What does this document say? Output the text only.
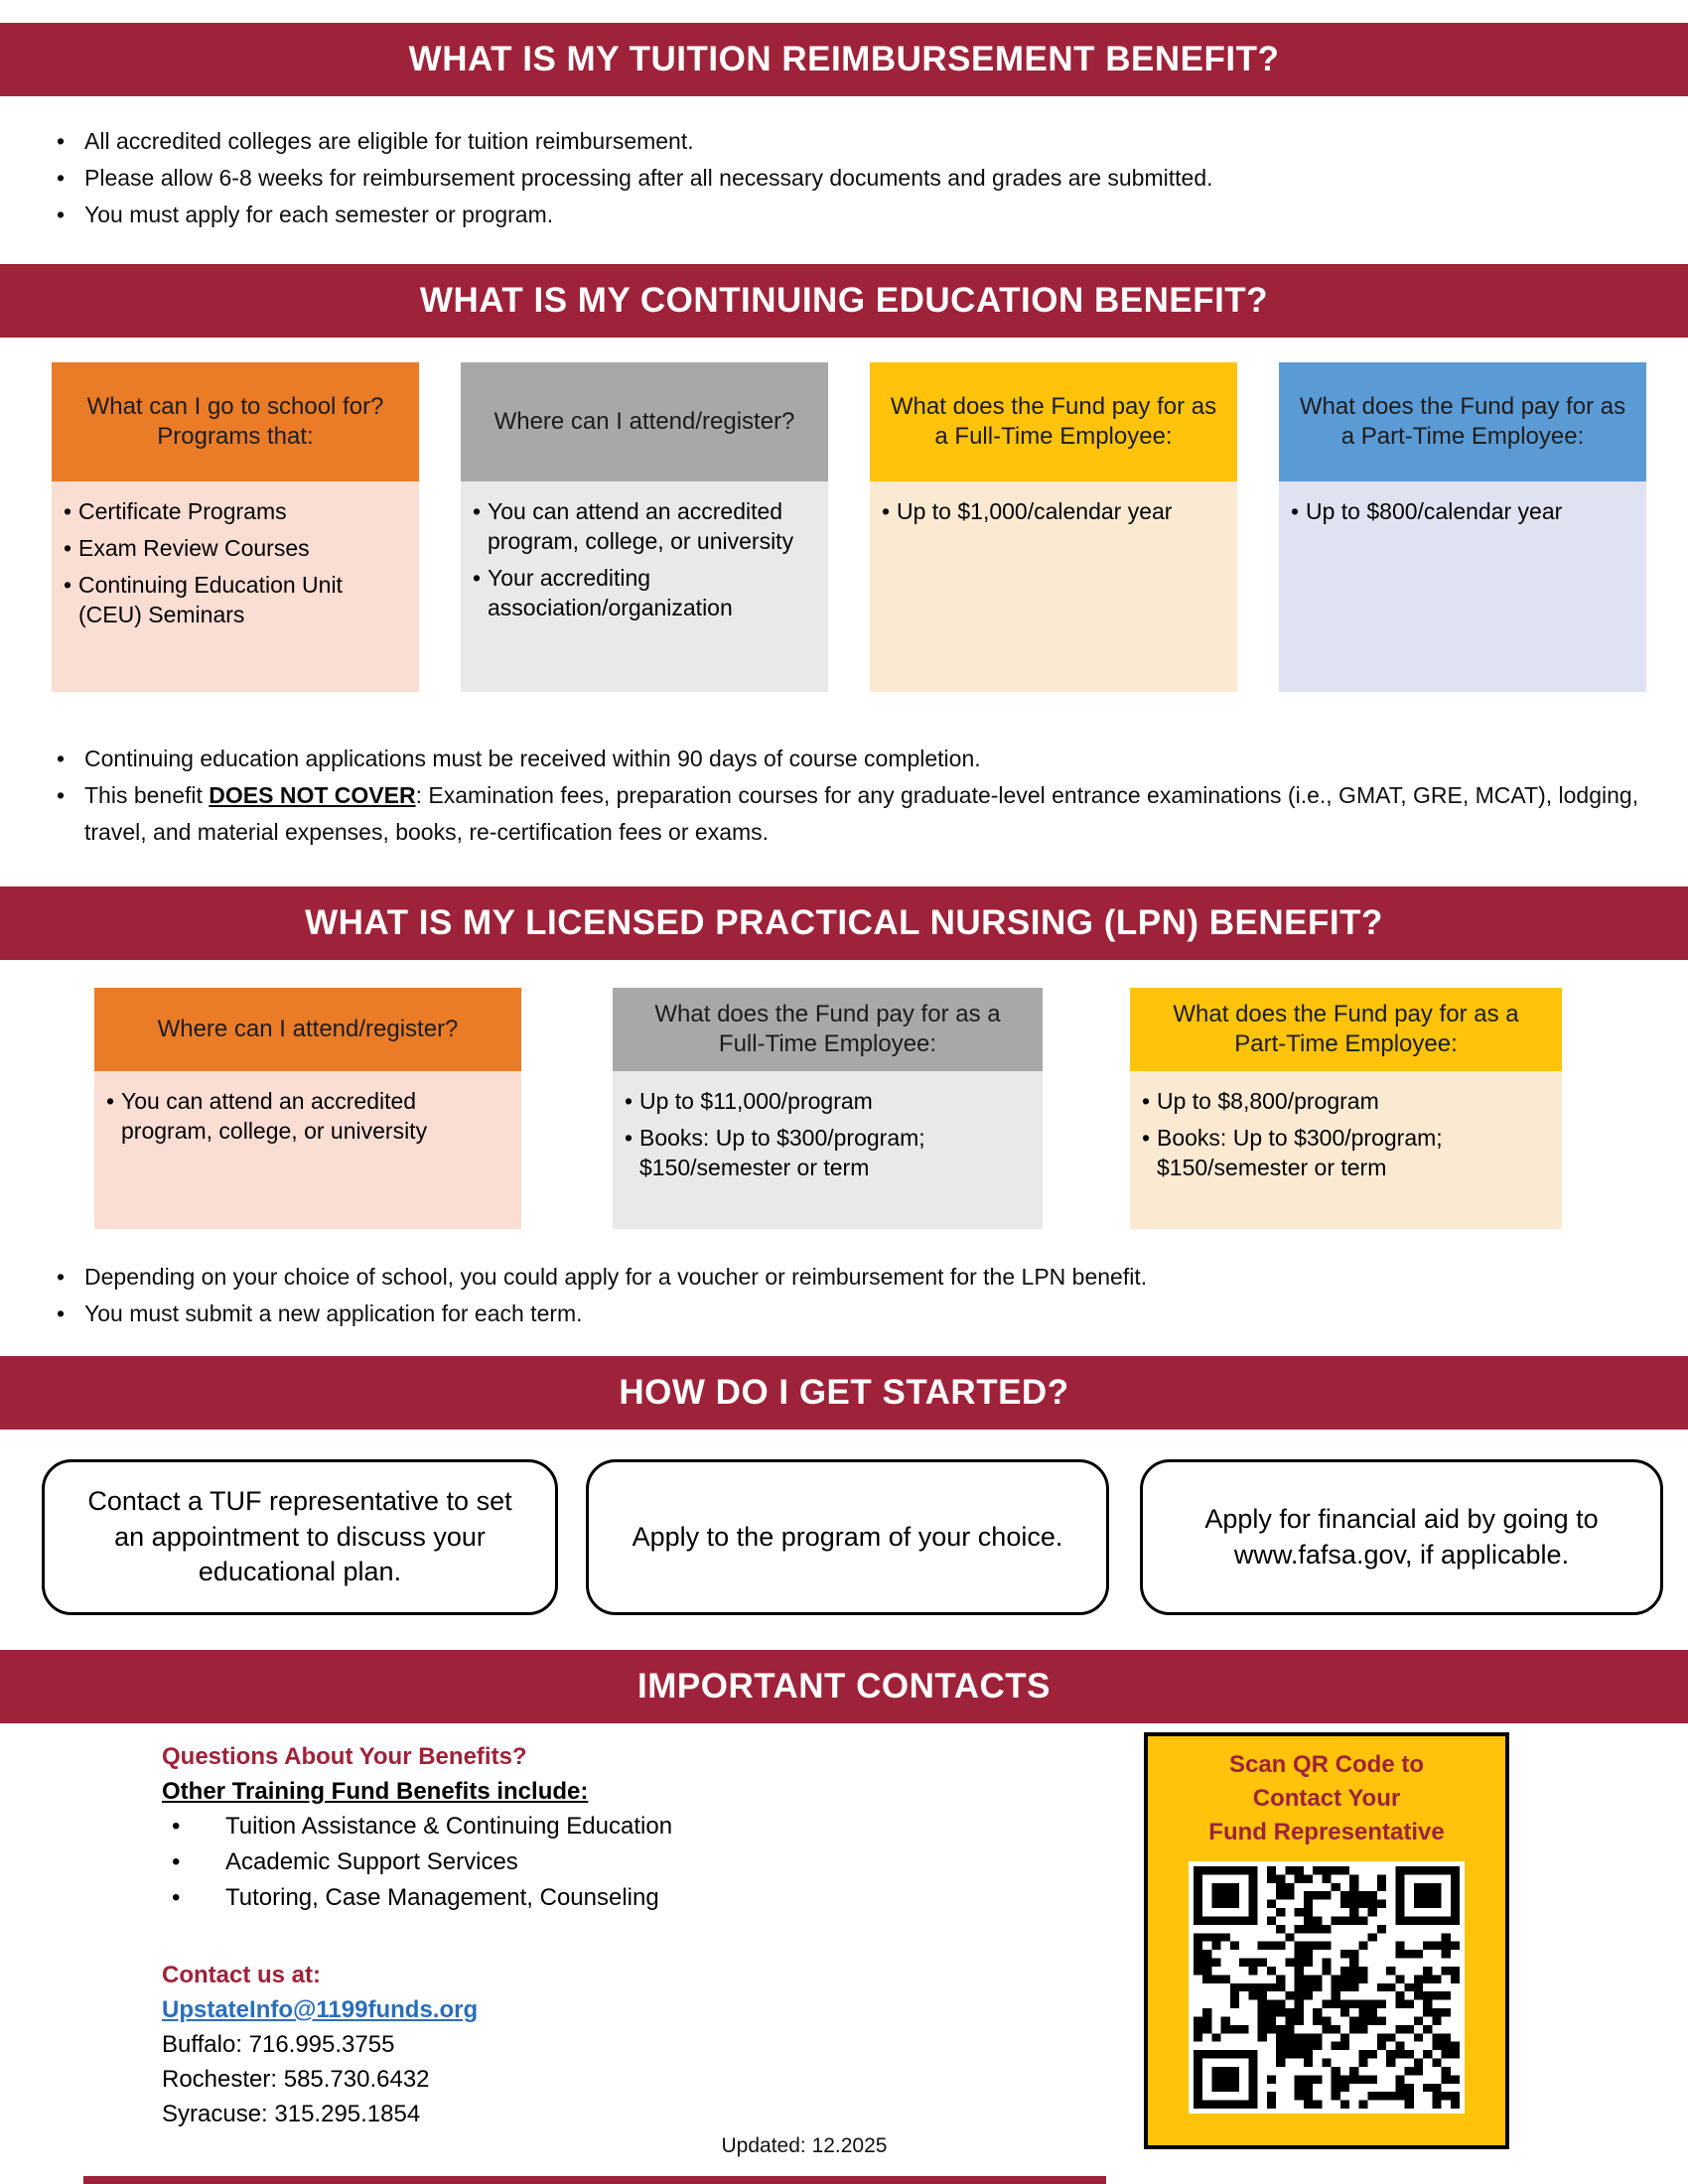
WHAT IS MY TUITION REIMBURSEMENT BENEFIT?
• All accredited colleges are eligible for tuition reimbursement.
• Please allow 6-8 weeks for reimbursement processing after all necessary documents and grades are submitted.
• You must apply for each semester or program.
WHAT IS MY CONTINUING EDUCATION BENEFIT?
What can I go to school for? Programs that:
• Certificate Programs
• Exam Review Courses
• Continuing Education Unit (CEU) Seminars
Where can I attend/register?
• You can attend an accredited program, college, or university
• Your accrediting association/organization
What does the Fund pay for as a Full-Time Employee:
• Up to $1,000/calendar year
What does the Fund pay for as a Part-Time Employee:
• Up to $800/calendar year
• Continuing education applications must be received within 90 days of course completion.
• This benefit DOES NOT COVER: Examination fees, preparation courses for any graduate-level entrance examinations (i.e., GMAT, GRE, MCAT), lodging, travel, and material expenses, books, re-certification fees or exams.
WHAT IS MY LICENSED PRACTICAL NURSING (LPN) BENEFIT?
Where can I attend/register?
• You can attend an accredited program, college, or university
What does the Fund pay for as a Full-Time Employee:
• Up to $11,000/program
• Books: Up to $300/program; $150/semester or term
What does the Fund pay for as a Part-Time Employee:
• Up to $8,800/program
• Books: Up to $300/program; $150/semester or term
• Depending on your choice of school, you could apply for a voucher or reimbursement for the LPN benefit.
• You must submit a new application for each term.
HOW DO I GET STARTED?
Contact a TUF representative to set an appointment to discuss your educational plan.
Apply to the program of your choice.
Apply for financial aid by going to www.fafsa.gov, if applicable.
IMPORTANT CONTACTS
Questions About Your Benefits?
Other Training Fund Benefits include:
• Tuition Assistance & Continuing Education
• Academic Support Services
• Tutoring, Case Management, Counseling
Contact us at:
UpstateInfo@1199funds.org
Buffalo: 716.995.3755
Rochester: 585.730.6432
Syracuse: 315.295.1854
Scan QR Code to
Contact Your
Fund Representative
Updated: 12.2025
